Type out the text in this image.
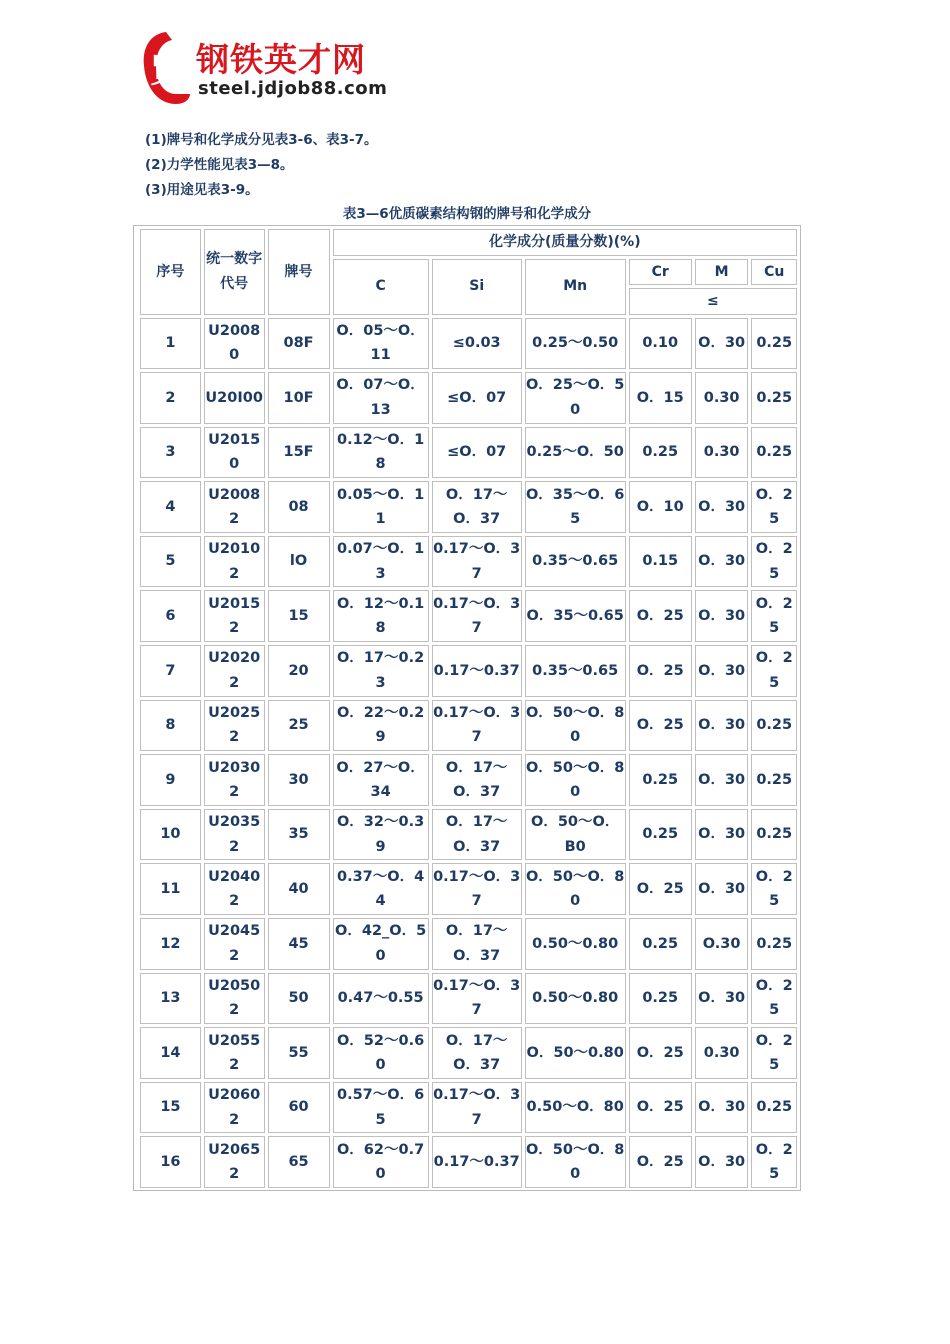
览 钢铁英才网
steel.jdjob88.com
(1)牌号和化学成分见表3-6、表3-7。
(2)力学性能见表3—8。
(3)用途见表3-9。
表3—6优质碳素结构钢的牌号和化学成分
序号	统一数字代号	牌号	化学成分(质量分数)(%)					
			C	Si	Mn	Cr	M	Cu
						≤		
1	U20080	08F	O．05～O．11	≤0.03	0.25～0.50	0.10	O．30	0.25
2	U20I00	10F	O．07～O．13	≤O．07	O．25～O．50	O．15	0.30	0.25
3	U20150	15F	0.12～O．18	≤O．07	0.25～O．50	0.25	0.30	0.25
4	U20082	08	0.05～O．11	O．17～O．37	O．35～O．65	O．10	O．30	O．25
5	U20102	lO	0.07～O．13	0.17～O．37	0.35～0.65	0.15	O．30	O．25
6	U20152	15	O．12～0.18	0.17～O．37	O．35～0.65	O．25	O．30	O．25
7	U20202	20	O．17～0.23	0.17～0.37	0.35～0.65	O．25	O．30	O．25
8	U20252	25	O．22～0.29	0.17～O．37	O．50～O．80	O．25	O．30	0.25
9	U20302	30	O．27～O．34	O．17～O．37	O．50～O．80	0.25	O．30	0.25
10	U20352	35	O．32～0.39	O．17～O．37	O．50～O．B0	0.25	O．30	0.25
11	U20402	40	0.37～O．44	0.17～O．37	O．50～O．80	O．25	O．30	O．25
12	U20452	45	O．42_O．50	O．17～O．37	0.50～0.80	0.25	O.30	0.25
13	U20502	50	0.47～0.55	0.17～O．37	0.50～0.80	0.25	O．30	O．25
14	U20552	55	O．52～0.60	O．17～O．37	O．50～0.80	O．25	0.30	O．25
15	U20602	60	0.57～O．65	0.17～O．37	0.50～O．80	O．25	O．30	0.25
16	U20652	65	O．62～0.70	0.17～0.37	O．50～O．80	O．25	O．30	O．25
